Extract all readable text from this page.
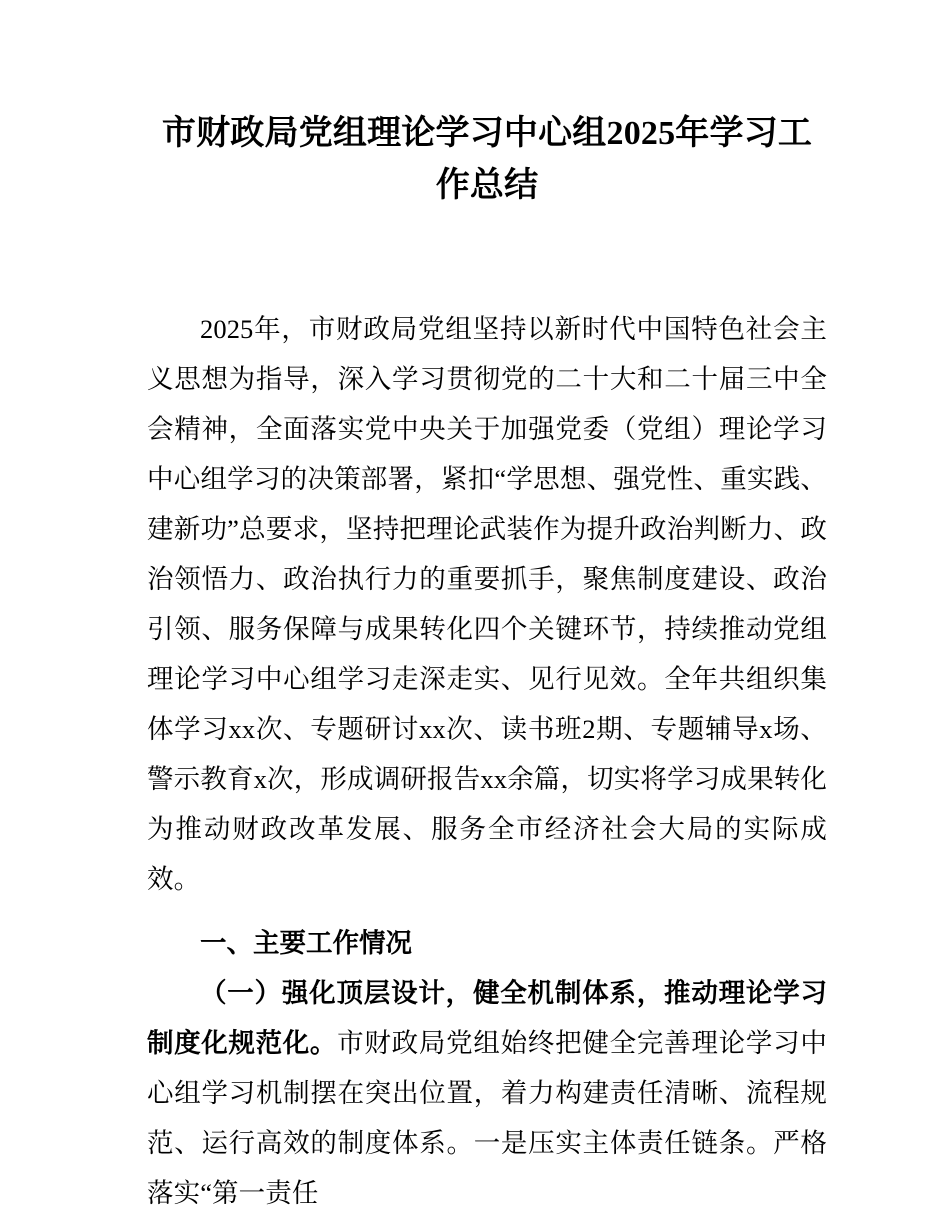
市财政局党组理论学习中心组2025年学习工作总结

2025年，市财政局党组坚持以新时代中国特色社会主义思想为指导，深入学习贯彻党的二十大和二十届三中全会精神，全面落实党中央关于加强党委（党组）理论学习中心组学习的决策部署，紧扣“学思想、强党性、重实践、建新功”总要求，坚持把理论武装作为提升政治判断力、政治领悟力、政治执行力的重要抓手，聚焦制度建设、政治引领、服务保障与成果转化四个关键环节，持续推动党组理论学习中心组学习走深走实、见行见效。全年共组织集体学习xx次、专题研讨xx次、读书班2期、专题辅导x场、警示教育x次，形成调研报告xx余篇，切实将学习成果转化为推动财政改革发展、服务全市经济社会大局的实际成效。

一、主要工作情况

（一）强化顶层设计，健全机制体系，推动理论学习制度化规范化。市财政局党组始终把健全完善理论学习中心组学习机制摆在突出位置，着力构建责任清晰、流程规范、运行高效的制度体系。一是压实主体责任链条。严格落实“第一责任
